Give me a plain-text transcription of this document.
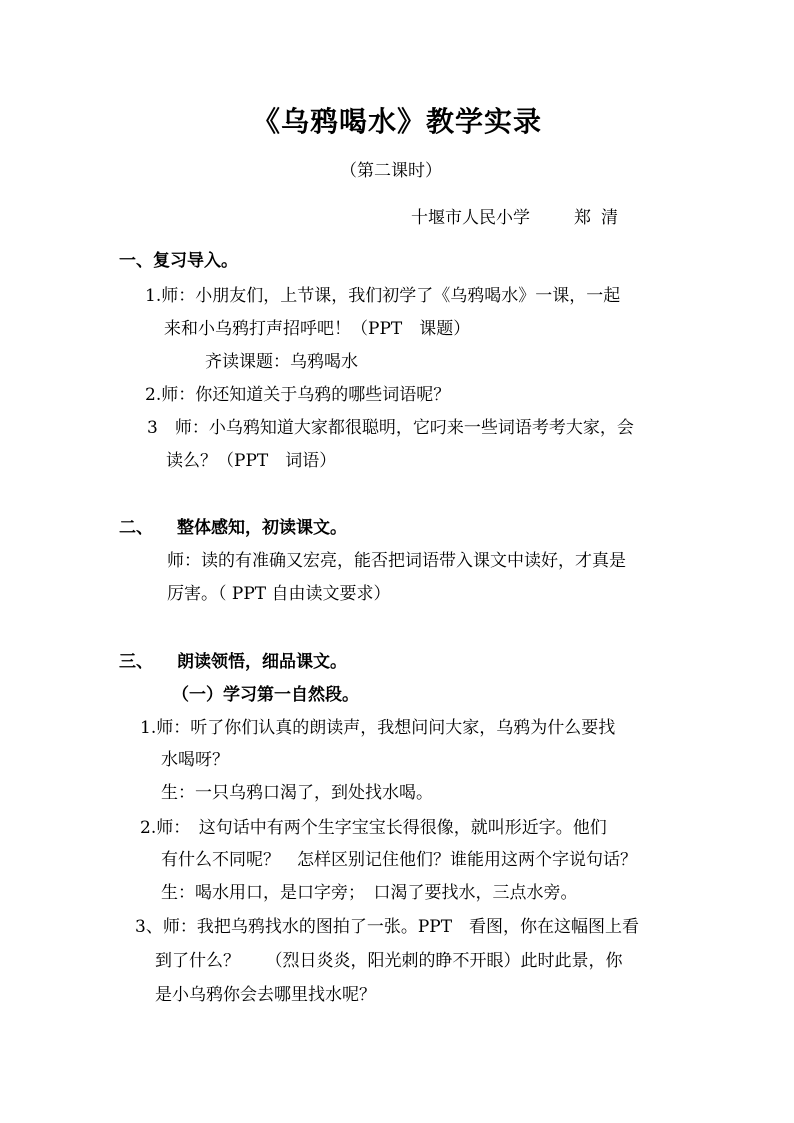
《乌鸦喝水》教学实录
（第二课时）
十堰市人民小学	郑 清
一、复习导入。
1.师：小朋友们，上节课，我们初学了《乌鸦喝水》一课，一起
来和小乌鸦打声招呼吧！（PPT　课题）
齐读课题：乌鸦喝水
2.师：你还知道关于乌鸦的哪些词语呢？
3　师：小乌鸦知道大家都很聪明，它叼来一些词语考考大家，会
读么？（PPT　词语）
二、 整体感知，初读课文。
师：读的有准确又宏亮，能否把词语带入课文中读好，才真是
厉害。（ PPT 自由读文要求）
三、 朗读领悟，细品课文。
（一）学习第一自然段。
1.师：听了你们认真的朗读声，我想问问大家，乌鸦为什么要找
水喝呀？
生：一只乌鸦口渴了，到处找水喝。
2.师：　这句话中有两个生字宝宝长得很像，就叫形近字。他们
有什么不同呢？　怎样区别记住他们？谁能用这两个字说句话？
生：喝水用口，是口字旁；　口渴了要找水，三点水旁。
3、师：我把乌鸦找水的图拍了一张。PPT　看图，你在这幅图上看
到了什么？　　（烈日炎炎，阳光刺的睁不开眼）此时此景，你
是小乌鸦你会去哪里找水呢？
